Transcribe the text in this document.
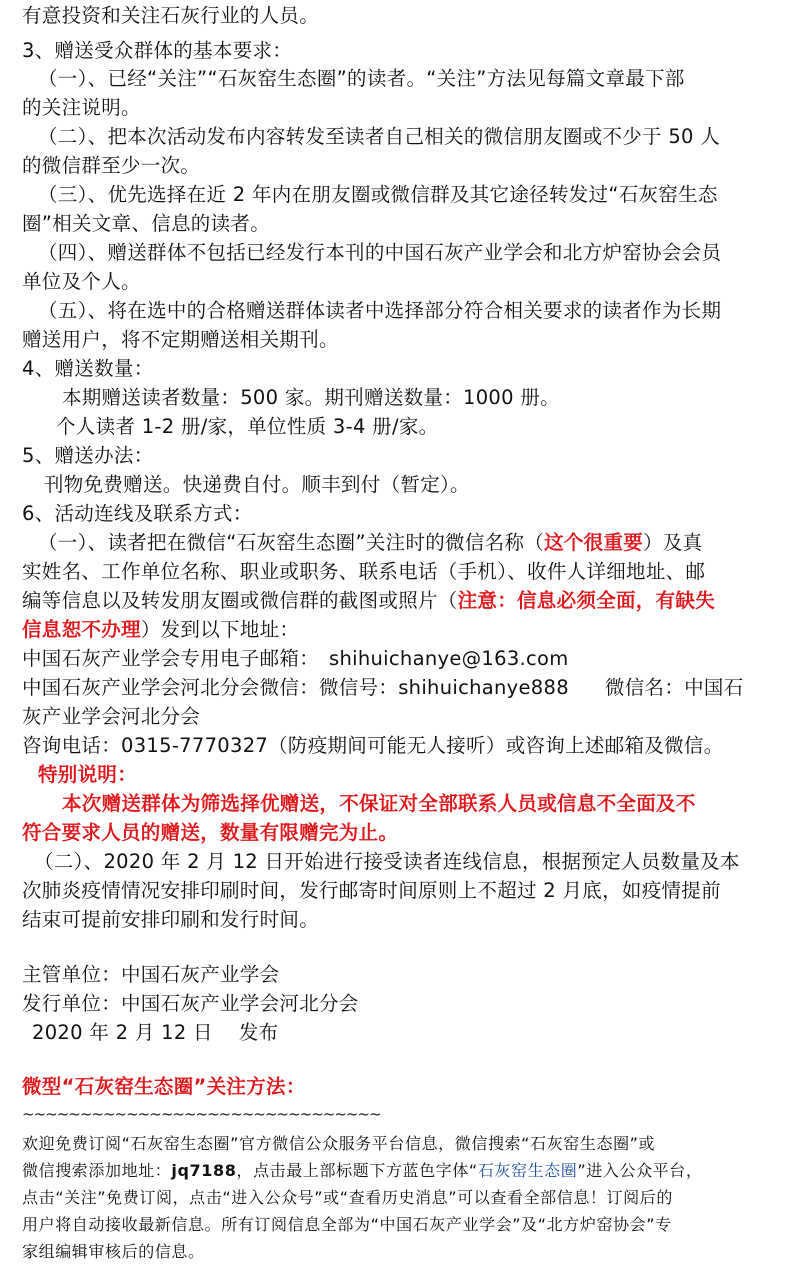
有意投资和关注石灰行业的人员。
3、赠送受众群体的基本要求：
（一）、已经“关注”“石灰窑生态圈”的读者。“关注”方法见每篇文章最下部
的关注说明。
（二）、把本次活动发布内容转发至读者自己相关的微信朋友圈或不少于 50 人
的微信群至少一次。
（三）、优先选择在近 2 年内在朋友圈或微信群及其它途径转发过“石灰窑生态
圈”相关文章、信息的读者。
（四）、赠送群体不包括已经发行本刊的中国石灰产业学会和北方炉窑协会会员
单位及个人。
（五）、将在选中的合格赠送群体读者中选择部分符合相关要求的读者作为长期
赠送用户，将不定期赠送相关期刊。
4、赠送数量：
本期赠送读者数量：500 家。期刊赠送数量：1000 册。
个人读者 1-2 册/家，单位性质 3-4 册/家。
5、赠送办法：
刊物免费赠送。快递费自付。顺丰到付（暂定）。
6、活动连线及联系方式：
（一）、读者把在微信“石灰窑生态圈”关注时的微信名称（这个很重要）及真
实姓名、工作单位名称、职业或职务、联系电话（手机）、收件人详细地址、邮
编等信息以及转发朋友圈或微信群的截图或照片（注意：信息必须全面，有缺失
信息恕不办理）发到以下地址：
中国石灰产业学会专用电子邮箱： shihuichanye@163.com
中国石灰产业学会河北分会微信：微信号：shihuichanye888 微信名：中国石
灰产业学会河北分会
咨询电话：0315-7770327（防疫期间可能无人接听）或咨询上述邮箱及微信。
特别说明：
本次赠送群体为筛选择优赠送，不保证对全部联系人员或信息不全面及不
符合要求人员的赠送，数量有限赠完为止。
（二）、2020 年 2 月 12 日开始进行接受读者连线信息，根据预定人员数量及本
次肺炎疫情情况安排印刷时间，发行邮寄时间原则上不超过 2 月底，如疫情提前
结束可提前安排印刷和发行时间。
主管单位：中国石灰产业学会
发行单位：中国石灰产业学会河北分会
2020 年 2 月 12 日    发布
微型“石灰窑生态圈”关注方法：
~~~~~~~~~~~~~~~~~~~~~~~~~~~~~~~
欢迎免费订阅“石灰窑生态圈”官方微信公众服务平台信息，微信搜索“石灰窑生态圈”或
微信搜索添加地址：jq7188，点击最上部标题下方蓝色字体“石灰窑生态圈”进入公众平台，
点击“关注”免费订阅，点击“进入公众号”或“查看历史消息”可以查看全部信息！订阅后的
用户将自动接收最新信息。所有订阅信息全部为“中国石灰产业学会”及“北方炉窑协会”专
家组编辑审核后的信息。
